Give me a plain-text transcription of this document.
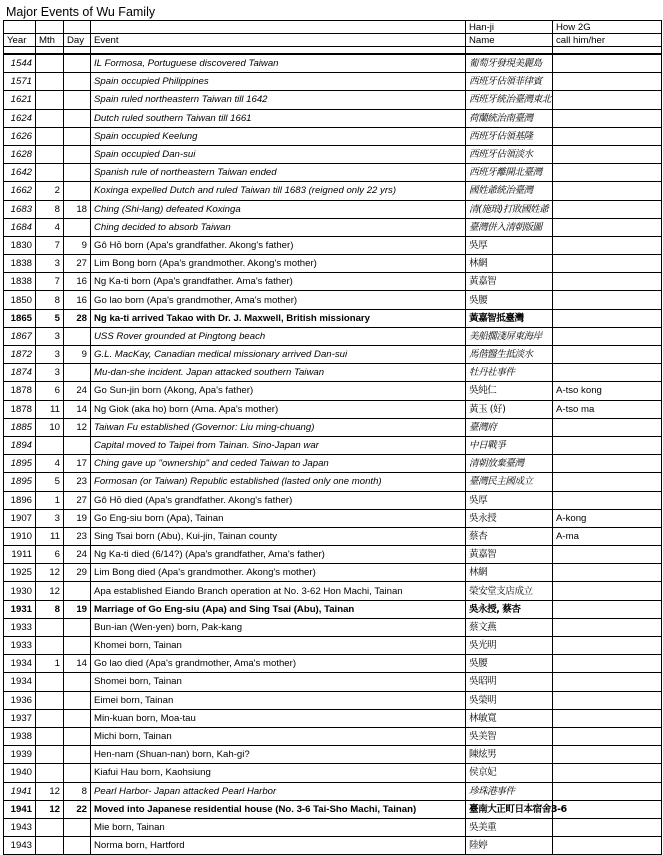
Major Events of Wu Family
				Han-ji	How 2G
Year	Mth	Day	Event	Name	call him/her

1544			IL Formosa, Portuguese discovered Taiwan	葡萄牙發現美麗島	
1571			Spain occupied Philippines	西班牙佔領菲律賓	
1621			Spain ruled northeastern Taiwan till 1642	西班牙統治臺灣東北	
1624			Dutch ruled southern Taiwan till 1661	荷蘭統治南臺灣	
1626			Spain occupied Keelung	西班牙佔領基隆	
1628			Spain occupied Dan-sui	西班牙佔領淡水	
1642			Spanish rule of northeastern Taiwan ended	西班牙離開北臺灣	
1662	2		Koxinga expelled Dutch and ruled Taiwan till 1683 (reigned only 22 yrs)	國姓爺統治臺灣	
1683	8	18	Ching (Shi-lang) defeated Koxinga	清(施琅)打敗國姓爺	
1684	4		Ching decided to absorb Taiwan	臺灣併入清朝版圖	
1830	7	9	Gô Hō born (Apa's grandfather. Akong's father)	吳厚	
1838	3	27	Lim Bong born (Apa's grandmother. Akong's mother)	林網	
1838	7	16	Ng Ka-ti born (Apa's grandfather. Ama's father)	黃嘉智	
1850	8	16	Go lao born (Apa's grandmother, Ama's mother)	吳腰	
1865	5	28	Ng ka-ti arrived Takao with Dr. J. Maxwell, British missionary	黃嘉智抵臺灣	
1867	3		USS Rover grounded at Pingtong beach	美船擱淺屏東海岸	
1872	3	9	G.L. MacKay, Canadian medical missionary arrived Dan-sui	馬偕醫生抵淡水	
1874	3		Mu-dan-she incident. Japan attacked southern Taiwan	牡丹社事件	
1878	6	24	Go Sun-jin born (Akong, Apa's father)	吳純仁	A-tso kong
1878	11	14	Ng Giok (aka ho) born (Ama. Apa's mother)	黃玉 (好)	A-tso ma
1885	10	12	Taiwan Fu established (Governor: Liu ming-chuang)	臺灣府	
1894			Capital moved to Taipei from Tainan. Sino-Japan war	中日戰爭	
1895	4	17	Ching gave up "ownership" and ceded Taiwan to Japan	清朝放棄臺灣	
1895	5	23	Formosan (or Taiwan) Republic established (lasted only one month)	臺灣民主國成立	
1896	1	27	Gô Hō died (Apa's grandfather. Akong's father)	吳厚	
1907	3	19	Go Eng-siu born (Apa), Tainan	吳永授	A-kong
1910	11	23	Sing Tsai born (Abu), Kui-jin, Tainan county	蔡杏	A-ma
1911	6	24	Ng Ka-ti died (6/14?) (Apa's grandfather, Ama's father)	黃嘉智	
1925	12	29	Lim Bong died (Apa's grandmother. Akong's mother)	林網	
1930	12		Apa established Eiando Branch operation at No. 3-62 Hon Machi, Tainan	榮安堂支店成立	
1931	8	19	Marriage of Go Eng-siu (Apa) and Sing Tsai (Abu), Tainan	吳永授, 蔡杏	
1933			Bun-ian (Wen-yen) born, Pak-kang	蔡文燕	
1933			Khomei born, Tainan	吳光明	
1934	1	14	Go lao died (Apa's grandmother, Ama's mother)	吳腰	
1934			Shomei born, Tainan	吳昭明	
1936			Eimei born, Tainan	吳榮明	
1937			Min-kuan born, Moa-tau	林敏寬	
1938			Michi born, Tainan	吳美智	
1939			Hen-nam (Shuan-nan) born, Kah-gi?	陳炫男	
1940			Kiafui Hau born, Kaohsiung	侯京妃	
1941	12	8	Pearl Harbor- Japan attacked Pearl Harbor	珍珠港事件	
1941	12	22	Moved into Japanese residential house (No. 3-6 Tai-Sho Machi, Tainan)	臺南大正町日本宿舍3-6	
1943			Mie born, Tainan	吳美重	
1943			Norma born, Hartford	陸婷	
